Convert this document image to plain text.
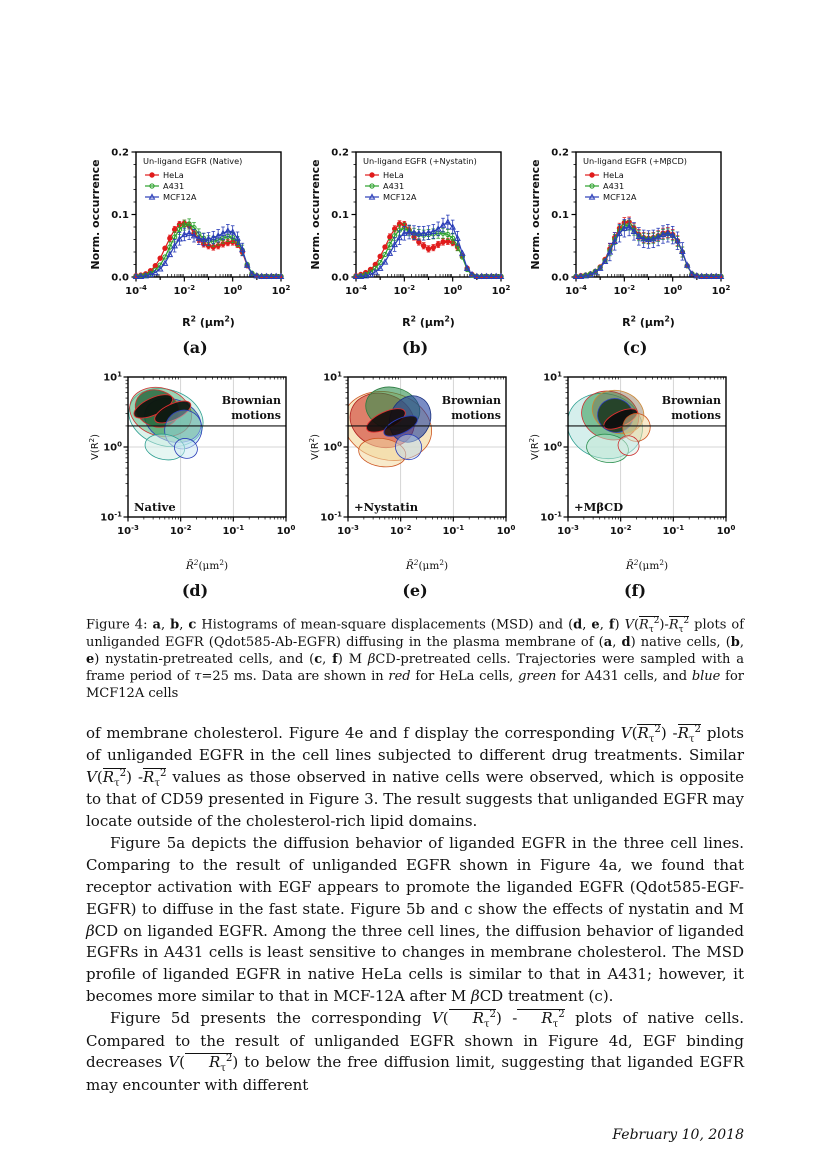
0.0
0.1
0.2
$10^{-4}$	$10^{-2}$	$10^0$	$10^2$
$R^2$ $(\mu m^2)$
Norm. occurrence	Un-ligand EGFR (Native)
HeLa
A431
MCF12A
(a)
0.0
0.1
0.2
$10^{-4}$	$10^{-2}$	$10^0$	$10^2$
$R^2$ $(\mu m^2)$
Norm. occurrence	Un-ligand EGFR (+Nystatin)
HeLa
A431
MCF12A
(b)
0.0
0.1
0.2
$10^{-4}$	$10^{-2}$	$10^0$	$10^2$
$R^2$ $(\mu m^2)$
Norm. occurrence	Un-ligand EGFR (+MβCD)
HeLa
A431
MCF12A
(c)
Brownian
motions
Native
$10^{-3}$	$10^{-2}$	$10^{-1}$	$10^0$
$10^{-1}$
$10^0$
$10^1$
$R̄^2(\mu m^2)$
$V(R^2)$
(d)
Brownian
motions
+Nystatin
$10^{-3}$	$10^{-2}$	$10^{-1}$	$10^0$
$10^{-1}$
$10^0$
$10^1$
$R̄^2(\mu m^2)$
$V(R^2)$
(e)
Brownian
motions
+MβCD
$10^{-3}$	$10^{-2}$	$10^{-1}$	$10^0$
$10^{-1}$
$10^0$
$10^1$
$R̄^2(\mu m^2)$
$V(R^2)$
(f)
Figure 4: a, b, c Histograms of mean-square displacements (MSD) and (d, e, f) $V(R_\tau^2)-R_\tau^2$ plots of unliganded EGFR (Qdot585-Ab-EGFR) diffusing in the plasma membrane of (a, d) native cells, (b, e) nystatin-pretreated cells, and (c, f) M βCD-pretreated cells. Trajectories were sampled with a frame period of τ=25 ms. Data are shown in red for HeLa cells, green for A431 cells, and blue for MCF12A cells

of membrane cholesterol. Figure 4e and f display the corresponding $V(R_\tau^2)$ $-R_\tau^2$ plots of unliganded EGFR in the cell lines subjected to different drug treatments. Similar $V(R_\tau^2)$ $-R_\tau^2$ values as those observed in native cells were observed, which is opposite to that of CD59 presented in Figure 3. The result suggests that unliganded EGFR may locate outside of the cholesterol-rich lipid domains.

Figure 5a depicts the diffusion behavior of liganded EGFR in the three cell lines. Comparing to the result of unliganded EGFR shown in Figure 4a, we found that receptor activation with EGF appears to promote the liganded EGFR (Qdot585-EGF-EGFR) to diffuse in the fast state. Figure 5b and c show the effects of nystatin and M βCD on liganded EGFR. Among the three cell lines, the diffusion behavior of liganded EGFRs in A431 cells is least sensitive to changes in membrane cholesterol. The MSD profile of liganded EGFR in native HeLa cells is similar to that in A431; however, it becomes more similar to that in MCF-12A after M βCD treatment (c).

Figure 5d presents the corresponding V( $R_\tau^2) - R_\tau^2$ plots of native cells. Compared to the result of unliganded EGFR shown in Figure 4d, EGF binding decreases V( $R_\tau^2$) to below the free diffusion limit, suggesting that liganded EGFR may encounter with different

February 10, 2018
